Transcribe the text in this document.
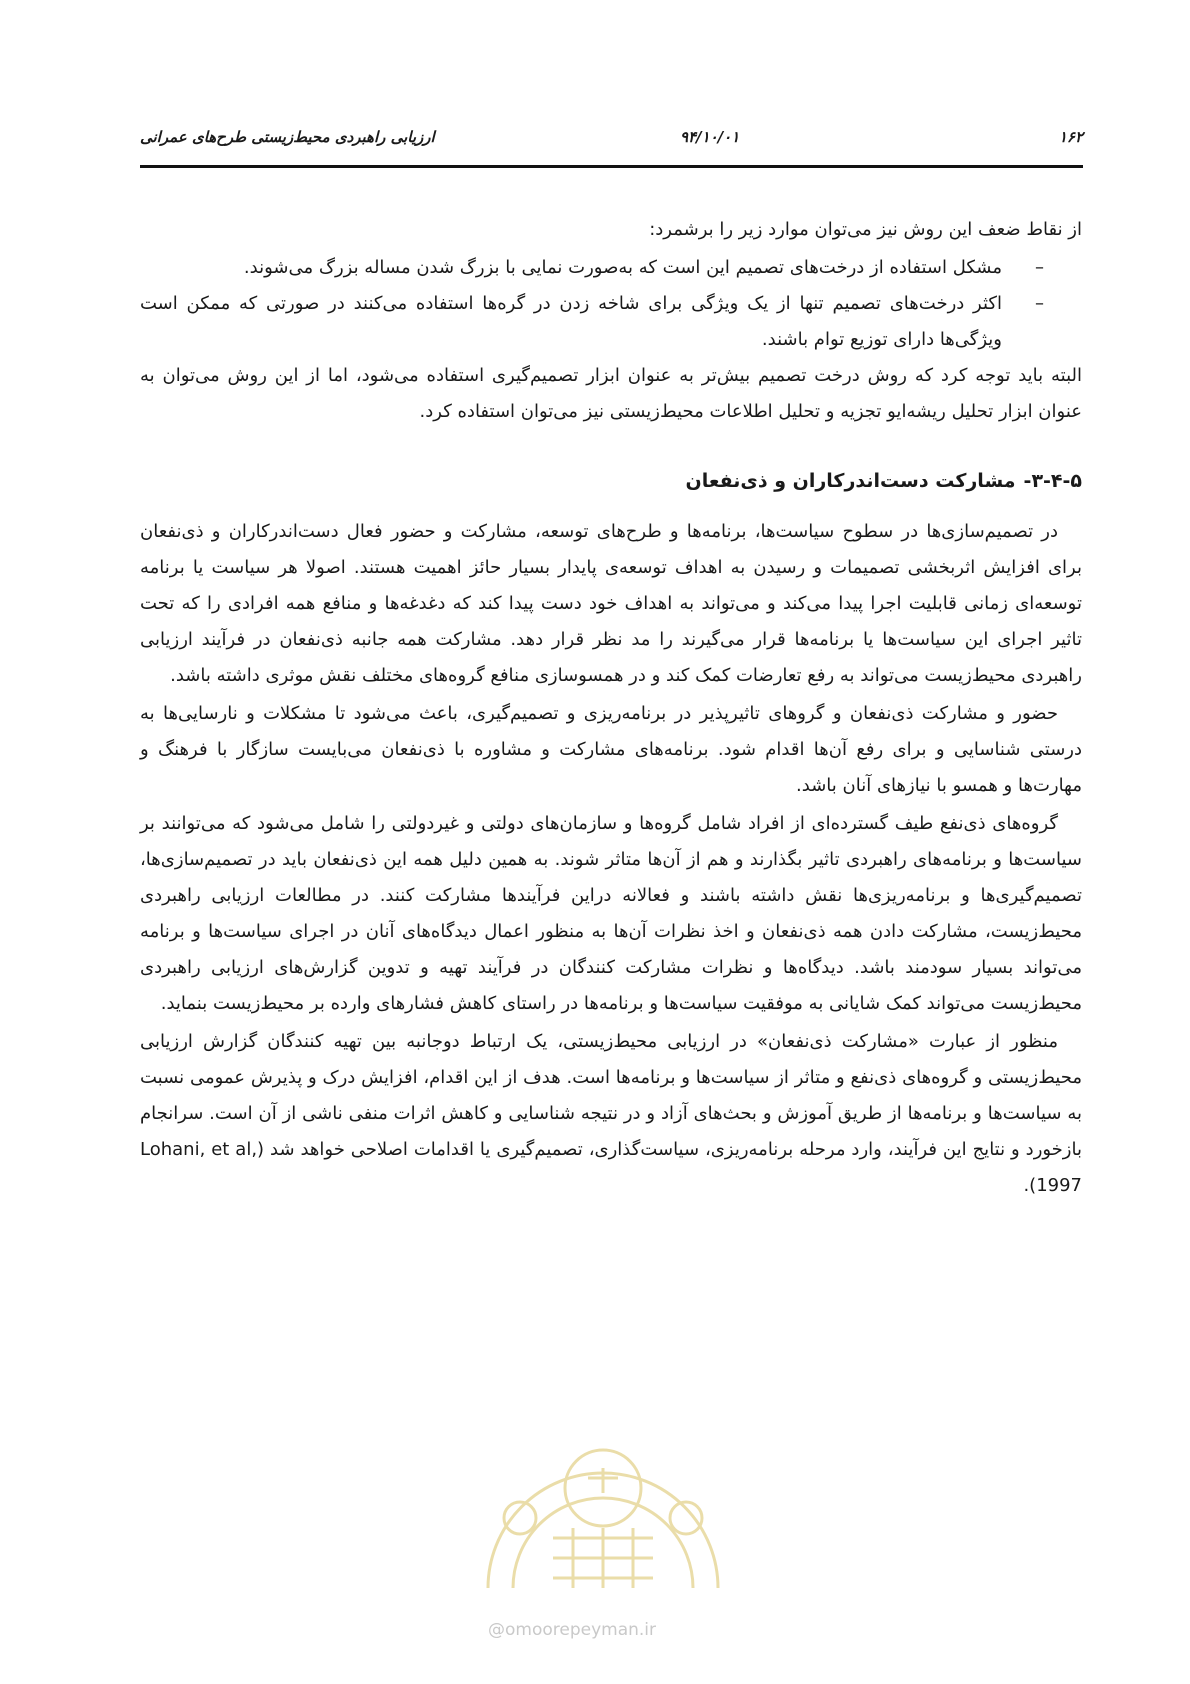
۱۶۲
۹۴/۱۰/۰۱
ارزیابی راهبردی محیط‌زیستی طرح‌های عمرانی

از نقاط ضعف این روش نیز می‌توان موارد زیر را برشمرد:

–
مشکل استفاده از درخت‌های تصمیم این است که به‌صورت نمایی با بزرگ شدن مساله بزرگ می‌شوند.

–
اکثر درخت‌های تصمیم تنها از یک ویژگی برای شاخه زدن در گره‌ها استفاده می‌کنند در صورتی که ممکن است ویژگی‌ها دارای توزیع توام باشند.

البته باید توجه کرد که روش درخت تصمیم بیش‌تر به عنوان ابزار تصمیم‌گیری استفاده می‌شود، اما از این روش می‌توان به عنوان ابزار تحلیل ریشه‌ایو تجزیه و تحلیل اطلاعات محیط‌زیستی نیز می‌توان استفاده کرد.

۳-۴-۵-مشارکت دست‌اندرکاران و ذی‌نفعان

در تصمیم‌سازی‌ها در سطوح سیاست‌ها، برنامه‌ها و طرح‌های توسعه، مشارکت و حضور فعال دست‌اندرکاران و ذی‌نفعان برای افزایش اثربخشی تصمیمات و رسیدن به اهداف توسعه‌ی پایدار بسیار حائز اهمیت هستند. اصولا هر سیاست یا برنامه توسعه‌ای زمانی قابلیت اجرا پیدا می‌کند و می‌تواند به اهداف خود دست پیدا کند که دغدغه‌ها و منافع همه افرادی را که تحت تاثیر اجرای این سیاست‌ها یا برنامه‌ها قرار می‌گیرند را مد نظر قرار دهد. مشارکت همه جانبه ذی‌نفعان در فرآیند ارزیابی راهبردی محیط‌زیست می‌تواند به رفع تعارضات کمک کند و در همسوسازی منافع گروه‌های مختلف نقش موثری داشته باشد.

حضور و مشارکت ذی‌نفعان و گروهای تاثیرپذیر در برنامه‌ریزی و تصمیم‌گیری، باعث می‌شود تا مشکلات و نارسایی‌ها به درستی شناسایی و برای رفع آن‌ها اقدام شود. برنامه‌های مشارکت و مشاوره با ذی‌نفعان می‌بایست سازگار با فرهنگ و مهارت‌ها و همسو با نیازهای آنان باشد.

گروه‌های ذی‌نفع طیف گسترده‌ای از افراد شامل گروه‌ها و سازمان‌های دولتی و غیردولتی را شامل می‌شود که می‌توانند بر سیاست‌ها و برنامه‌های راهبردی تاثیر بگذارند و هم از آن‌ها متاثر شوند. به همین دلیل همه این ذی‌نفعان باید در تصمیم‌سازی‌ها، تصمیم‌گیری‌ها و برنامه‌ریزی‌ها نقش داشته باشند و فعالانه دراین فرآیندها مشارکت کنند. در مطالعات ارزیابی راهبردی محیط‌زیست، مشارکت دادن همه ذی‌نفعان و اخذ نظرات آن‌ها به منظور اعمال دیدگاه‌های آنان در اجرای سیاست‌ها و برنامه می‌تواند بسیار سودمند باشد. دیدگاه‌ها و نظرات مشارکت کنندگان در فرآیند تهیه و تدوین گزارش‌های ارزیابی راهبردی محیط‌زیست می‌تواند کمک شایانی به موفقیت سیاست‌ها و برنامه‌ها در راستای کاهش فشارهای وارده بر محیط‌زیست بنماید.

منظور از عبارت «مشارکت ذی‌نفعان» در ارزیابی محیط‌زیستی، یک ارتباط دوجانبه بین تهیه کنندگان گزارش ارزیابی محیط‌زیستی و گروه‌های ذی‌نفع و متاثر از سیاست‌ها و برنامه‌ها است. هدف از این اقدام، افزایش درک و پذیرش عمومی نسبت به سیاست‌ها و برنامه‌ها از طریق آموزش و بحث‌های آزاد و در نتیجه شناسایی و کاهش اثرات منفی ناشی از آن است. سرانجام بازخورد و نتایج این فرآیند، وارد مرحله برنامه‌ریزی، سیاست‌گذاری، تصمیم‌گیری یا اقدامات اصلاحی خواهد شد (Lohani, et al, 1997).

@omoorepeyman.ir
